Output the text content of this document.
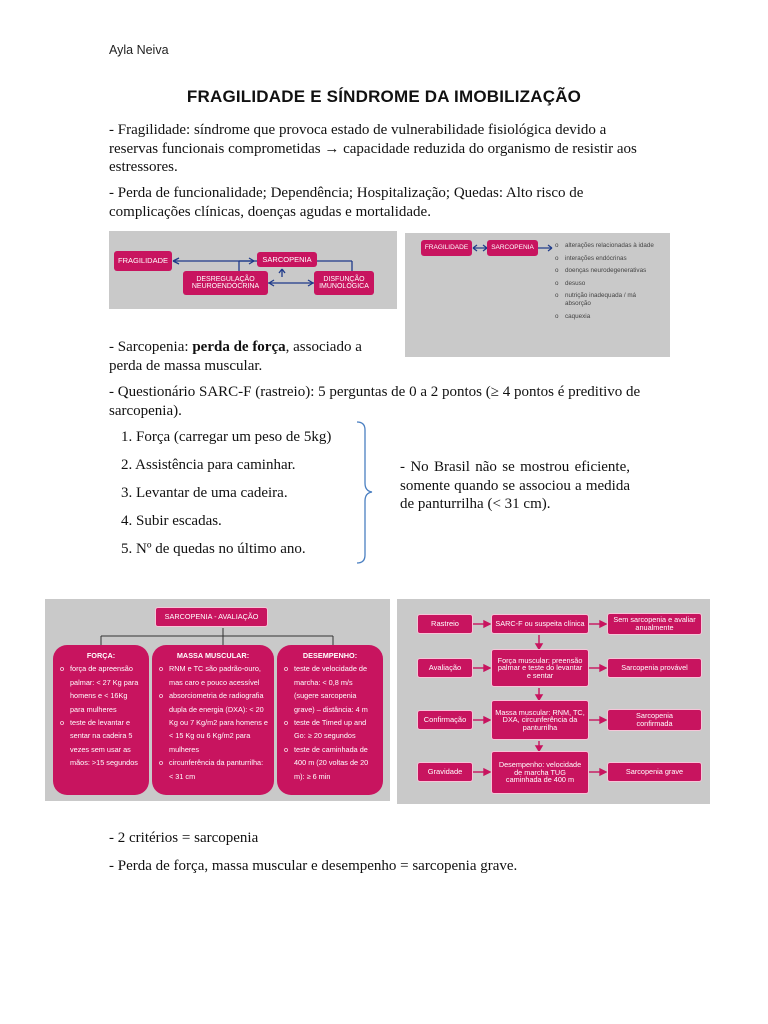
Ayla Neiva
FRAGILIDADE E SÍNDROME DA IMOBILIZAÇÃO
- Fragilidade: síndrome que provoca estado de vulnerabilidade fisiológica devido a reservas funcionais comprometidas → capacidade reduzida do organismo de resistir aos estressores.
- Perda de funcionalidade; Dependência; Hospitalização; Quedas: Alto risco de complicações clínicas, doenças agudas e mortalidade.
FRAGILIDADE	SARCOPENIA
DESREGULAÇÃO NEUROENDÓCRINA
DISFUNÇÃO IMUNOLÓGICA
FRAGILIDADE	SARCOPENIA
o	alterações relacionadas à idade
o interações endócrinas
o doenças neurodegenerativas
o desuso
o nutrição inadequada / má absorção
o caquexia
- Sarcopenia: perda de força, associado a perda de massa muscular.
- Questionário SARC-F (rastreio): 5 perguntas de 0 a 2 pontos (≥ 4 pontos é preditivo de sarcopenia).
1. Força (carregar um peso de 5kg)
2. Assistência para caminhar.
3. Levantar de uma cadeira.
4. Subir escadas.
5. Nº de quedas no último ano.
- No Brasil não se mostrou eficiente, somente quando se associou a medida de panturrilha (< 31 cm).
SARCOPENIA - AVALIAÇÃO
FORÇA:
o força de apreensão palmar: < 27 Kg para homens e < 16Kg para mulheres
o teste de levantar e sentar na cadeira 5 vezes sem usar as mãos: >15 segundos
MASSA MUSCULAR:
o RNM e TC são padrão-ouro, mas caro e pouco acessível
o absorciometria de radiografia dupla de energia (DXA): < 20 Kg ou 7 Kg/m2 para homens e < 15 Kg ou 6 Kg/m2 para mulheres
o circunferência da panturrilha: < 31 cm
DESEMPENHO:
o teste de velocidade de marcha: < 0,8 m/s (sugere sarcopenia grave) – distância: 4 m
o teste de Timed up and Go: ≥ 20 segundos
o teste de caminhada de 400 m (20 voltas de 20 m): ≥ 6 min
Rastreio	SARC-F ou suspeita clínica	Sem sarcopenia e avaliar anualmente
Avaliação
Força muscular: preensão palmar e teste do levantar e sentar
Sarcopenia provável
Confirmação
Massa muscular: RNM, TC, DXA, circunferência da panturrilha
Sarcopenia confirmada
Gravidade
Desempenho: velocidade de marcha TUG caminhada de 400 m
Sarcopenia grave
- 2 critérios = sarcopenia
- Perda de força, massa muscular e desempenho = sarcopenia grave.
